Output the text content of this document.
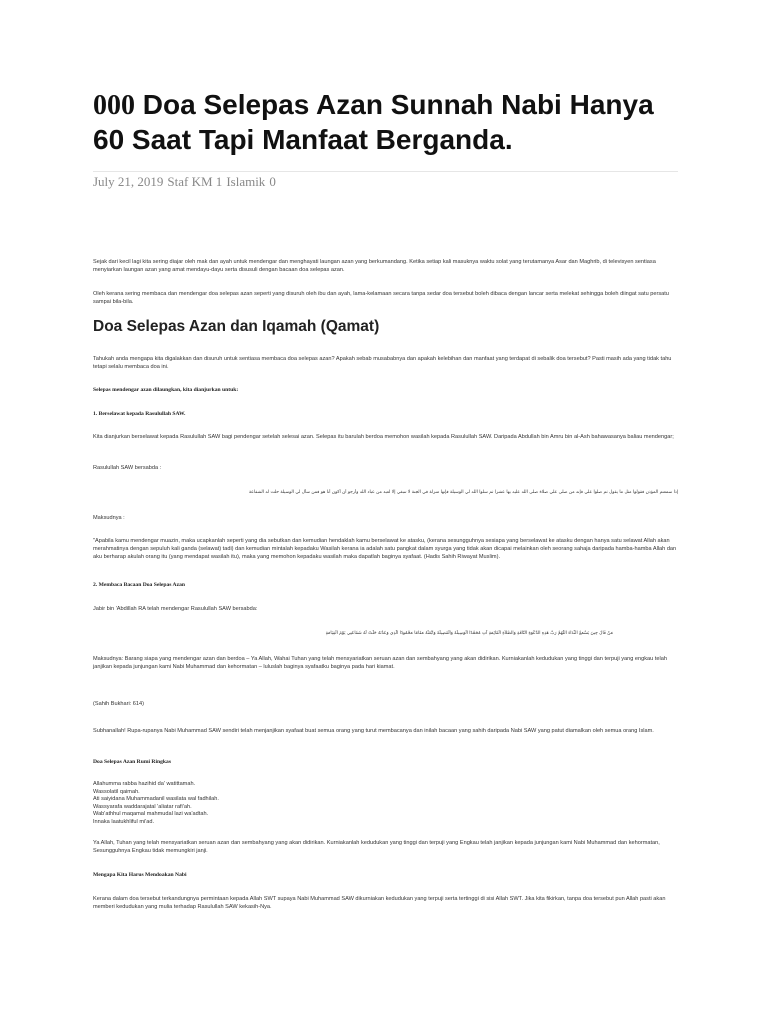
000 Doa Selepas Azan Sunnah Nabi Hanya 60 Saat Tapi Manfaat Berganda.
July 21, 2019 Staf KM 1 Islamik 0

Sejak dari kecil lagi kita sering diajar oleh mak dan ayah untuk mendengar dan menghayati laungan azan yang berkumandang. Ketika setiap kali masuknya waktu solat yang terutamanya Asar dan Maghrib, di televisyen sentiasa menyiarkan laungan azan yang amat mendayu-dayu serta disusuli dengan bacaan doa selepas azan.

Oleh kerana sering membaca dan mendengar doa selepas azan seperti yang disuruh oleh ibu dan ayah, lama-kelamaan secara tanpa sedar doa tersebut boleh dibaca dengan lancar serta melekat sehingga boleh diingat satu persatu sampai bila-bila.

Doa Selepas Azan dan Iqamah (Qamat)

Tahukah anda mengapa kita digalakkan dan disuruh untuk sentiasa membaca doa selepas azan? Apakah sebab musababnya dan apakah kelebihan dan manfaat yang terdapat di sebalik doa tersebut? Pasti masih ada yang tidak tahu tetapi selalu membaca doa ini.

Selepas mendengar azan dilaungkan, kita dianjurkan untuk:

1. Berselawat kepada Rasulullah SAW.

Kita dianjurkan berselawat kepada Rasulullah SAW bagi pendengar setelah selesai azan. Selepas itu barulah berdoa memohon wasilah kepada Rasulullah SAW. Daripada Abdullah bin Amru bin al-Ash bahawasanya baliau mendengar;

Rasulullah SAW bersabda :

إذا سمعتم المؤذن فقولوا مثل ما يقول ثم صلوا علي فإنه من صلى علي صلاة صلى الله عليه بها عشرا ثم سلوا الله لي الوسيلة فإنها منزلة في الجنة لا تنبغي إلا لعبد من عباد الله وأرجو أن أكون أنا هو فمن سأل لي الوسيلة حلت له الشفاعة

Maksudnya :

"Apabila kamu mendengar muazin, maka ucapkanlah seperti yang dia sebutkan dan kemudian hendaklah kamu berselawat ke atasku, (kerana sesungguhnya sesiapa yang berselawat ke atasku dengan hanya satu selawat Allah akan merahmatinya dengan sepuluh kali ganda (selawat) tadi) dan kemudian mintalah kepadaku Wasilah kerana ia adalah satu pangkat dalam syurga yang tidak akan dicapai melainkan oleh seorang sahaja daripada hamba-hamba Allah dan aku berharap akulah orang itu (yang mendapat wasilah itu), maka yang memohon kepadaku wasilah maka dapatlah baginya syafaat. (Hadis Sahih Riwayat Muslim).

2. Membaca Bacaan Doa Selepas Azan

Jabir bin 'Abdillah RA telah mendengar Rasulullah SAW bersabda:

مَنْ قَالَ حِينَ يَسْمَعُ النِّدَاءَ اللَّهُمَّ رَبَّ هَذِهِ الدَّعْوَةِ التَّامَّةِ وَالصَّلاَةِ الْقَائِمَةِ آتِ مُحَمَّدًا الْوَسِيلَةَ وَالْفَضِيلَةَ وَابْعَثْهُ مَقَامًا مَحْمُودًا الَّذِي وَعَدْتَهُ حَلَّتْ لَهُ شَفَاعَتِي يَوْمَ الْقِيَامَةِ

Maksudnya: Barang siapa yang mendengar azan dan berdoa – Ya Allah, Wahai Tuhan yang telah mensyariatkan seruan azan dan sembahyang yang akan didirikan. Kurniakanlah kedudukan yang tinggi dan terpuji yang engkau telah janjikan kepada junjungan kami Nabi Muhammad dan kehormatan – luluslah baginya syafaatku baginya pada hari kiamat.

(Sahih Bukhari: 614)

Subhanallah! Rupa-rupanya Nabi Muhammad SAW sendiri telah menjanjikan syafaat buat semua orang yang turut membacanya dan inilah bacaan yang sahih daripada Nabi SAW yang patut diamalkan oleh semua orang Islam.

Doa Selepas Azan Rumi Ringkas

Allahumma rabba hazihid da' watittamah.
Wassolatil qaimah.
Ati saiyidana Muhammadanil wasilata wal fadhilah.
Wassyarafa waddarajatal 'aliatar rafi'ah.
Wab'athhul maqamal mahmudal lazi wa'adtah.
Innaka laatukhliful mi'ad.

Ya Allah, Tuhan yang telah mensyariatkan seruan azan dan sembahyang yang akan didirikan. Kurniakanlah kedudukan yang tinggi dan terpuji yang Engkau telah janjikan kepada junjungan kami Nabi Muhammad dan kehormatan, Sesungguhnya Engkau tidak memungkiri janji.

Mengapa Kita Harus Mendoakan Nabi

Kerana dalam doa tersebut terkandungnya permintaan kepada Allah SWT supaya Nabi Muhammad SAW dikurniakan kedudukan yang terpuji serta tertinggi di sisi Allah SWT. Jika kita fikirkan, tanpa doa tersebut pun Allah pasti akan memberi kedudukan yang mulia terhadap Rasulullah SAW kekasih-Nya.
